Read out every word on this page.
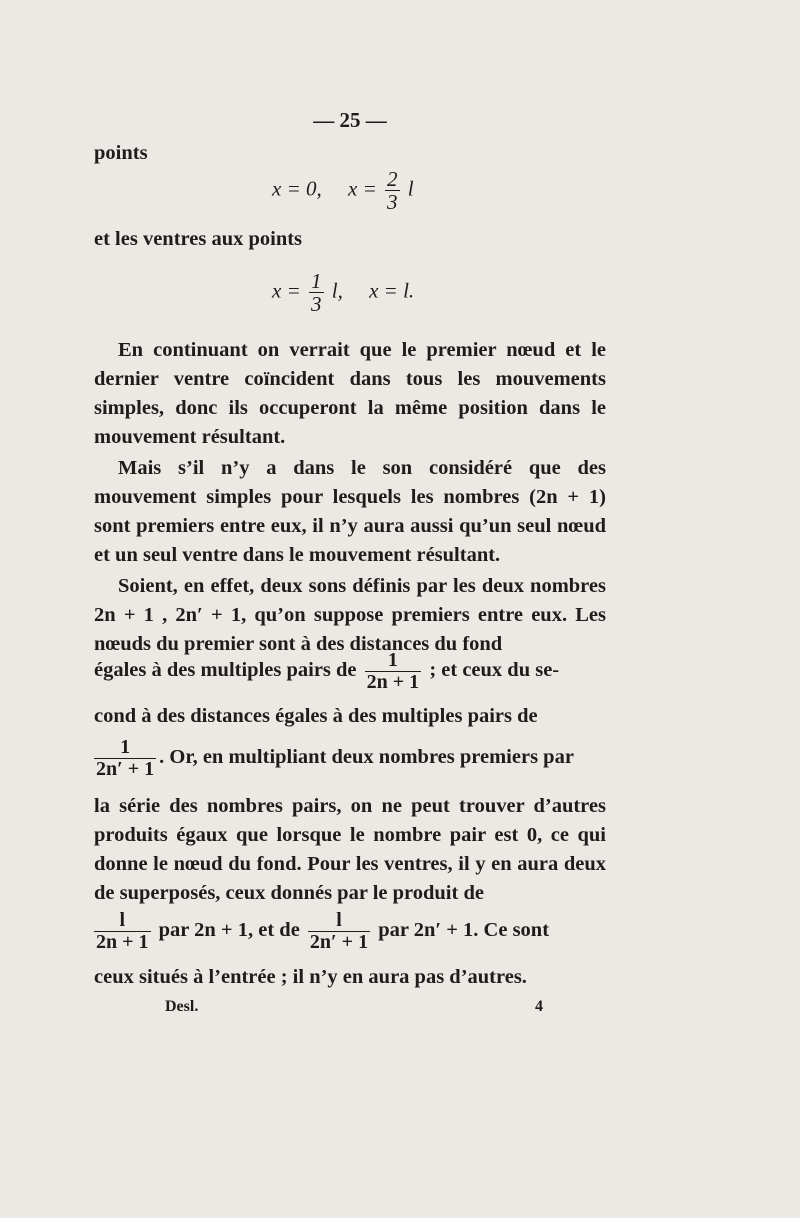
— 25 —
points
x = 0, $x = \frac{2}{3}$ l
et les ventres aux points
$x = \frac{1}{3} l$, x = l.

En continuant on verrait que le premier nœud et le dernier ventre coïncident dans tous les mouvements simples, donc ils occuperont la même position dans le mouvement résultant.

Mais s’il n’y a dans le son considéré que des mouvement simples pour lesquels les nombres (2n + 1) sont premiers entre eux, il n’y aura aussi qu’un seul nœud et un seul ventre dans le mouvement résultant.

Soient, en effet, deux sons définis par les deux nombres 2n + 1 , 2n′ + 1, qu’on suppose premiers entre eux. Les nœuds du premier sont à des distances du fond

égales à des multiples pairs de $\frac{1}{2n + 1}$ ; et ceux du se-
cond à des distances égales à des multiples pairs de
$\frac{1}{2n' + 1}$ . Or, en multipliant deux nombres premiers par

la série des nombres pairs, on ne peut trouver d’autres produits égaux que lorsque le nombre pair est 0, ce qui donne le nœud du fond. Pour les ventres, il y en aura deux de superposés, ceux donnés par le produit de

$\frac{l}{2n + 1}$ par 2n + 1, et de $\frac{l}{2n' + 1}$ par 2n′ + 1. Ce sont
ceux situés à l’entrée ; il n’y en aura pas d’autres.
Desl.	4
